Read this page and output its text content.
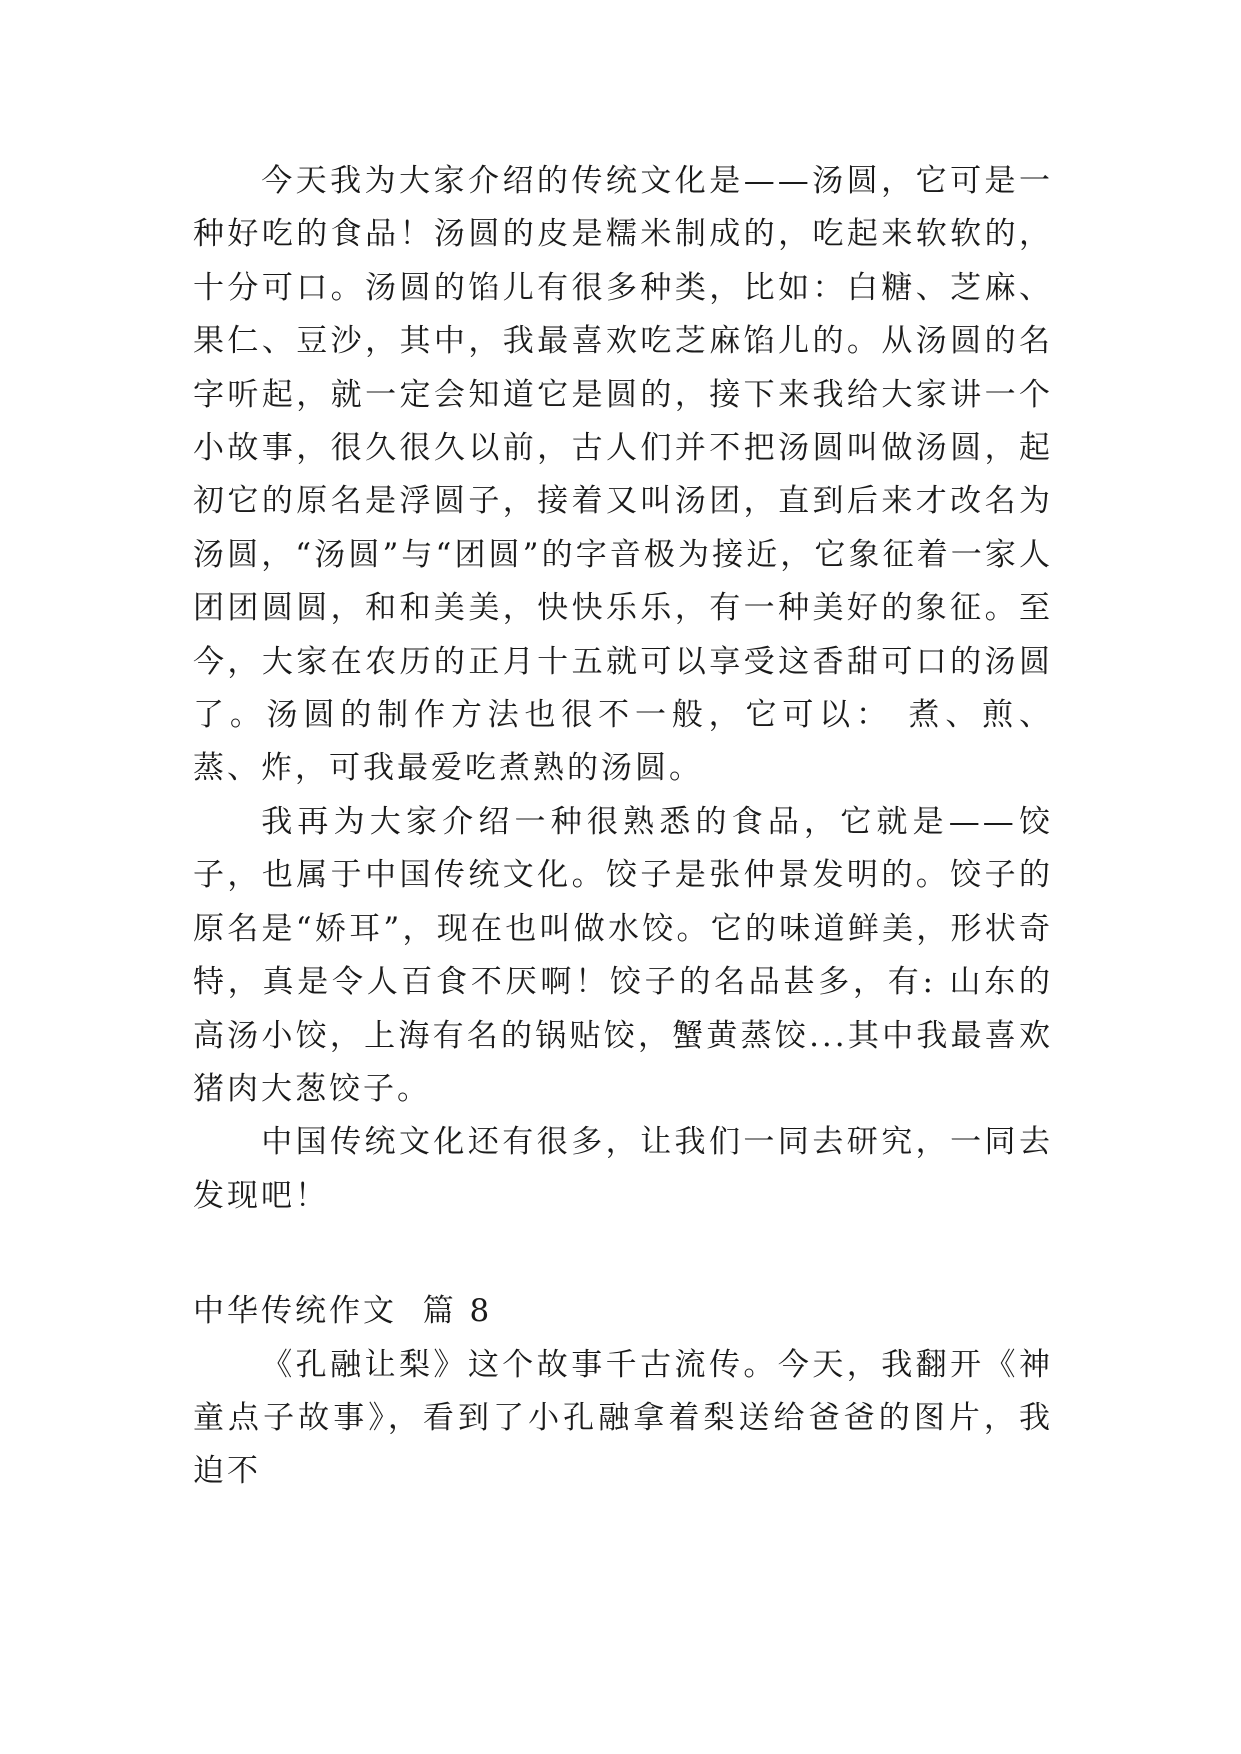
今天我为大家介绍的传统文化是——汤圆，它可是一种好吃的食品！汤圆的皮是糯米制成的，吃起来软软的，十分可口。汤圆的馅儿有很多种类，比如：白糖、芝麻、果仁、豆沙，其中，我最喜欢吃芝麻馅儿的。从汤圆的名字听起，就一定会知道它是圆的，接下来我给大家讲一个小故事，很久很久以前，古人们并不把汤圆叫做汤圆，起初它的原名是浮圆子，接着又叫汤团，直到后来才改名为汤圆，“汤圆”与“团圆”的字音极为接近，它象征着一家人团团圆圆，和和美美，快快乐乐，有一种美好的象征。至今，大家在农历的正月十五就可以享受这香甜可口的汤圆了。汤圆的制作方法也很不一般，它可以： 煮、煎、蒸、炸，可我最爱吃煮熟的汤圆。

我再为大家介绍一种很熟悉的食品，它就是——饺子，也属于中国传统文化。饺子是张仲景发明的。饺子的原名是“娇耳”，现在也叫做水饺。它的味道鲜美，形状奇特，真是令人百食不厌啊！饺子的名品甚多，有: 山东的高汤小饺，上海有名的锅贴饺，蟹黄蒸饺...其中我最喜欢猪肉大葱饺子。

中国传统文化还有很多，让我们一同去研究，一同去发现吧！

中华传统作文  篇 8

《孔融让梨》这个故事千古流传。今天，我翻开《神童点子故事》，看到了小孔融拿着梨送给爸爸的图片，我迫不
